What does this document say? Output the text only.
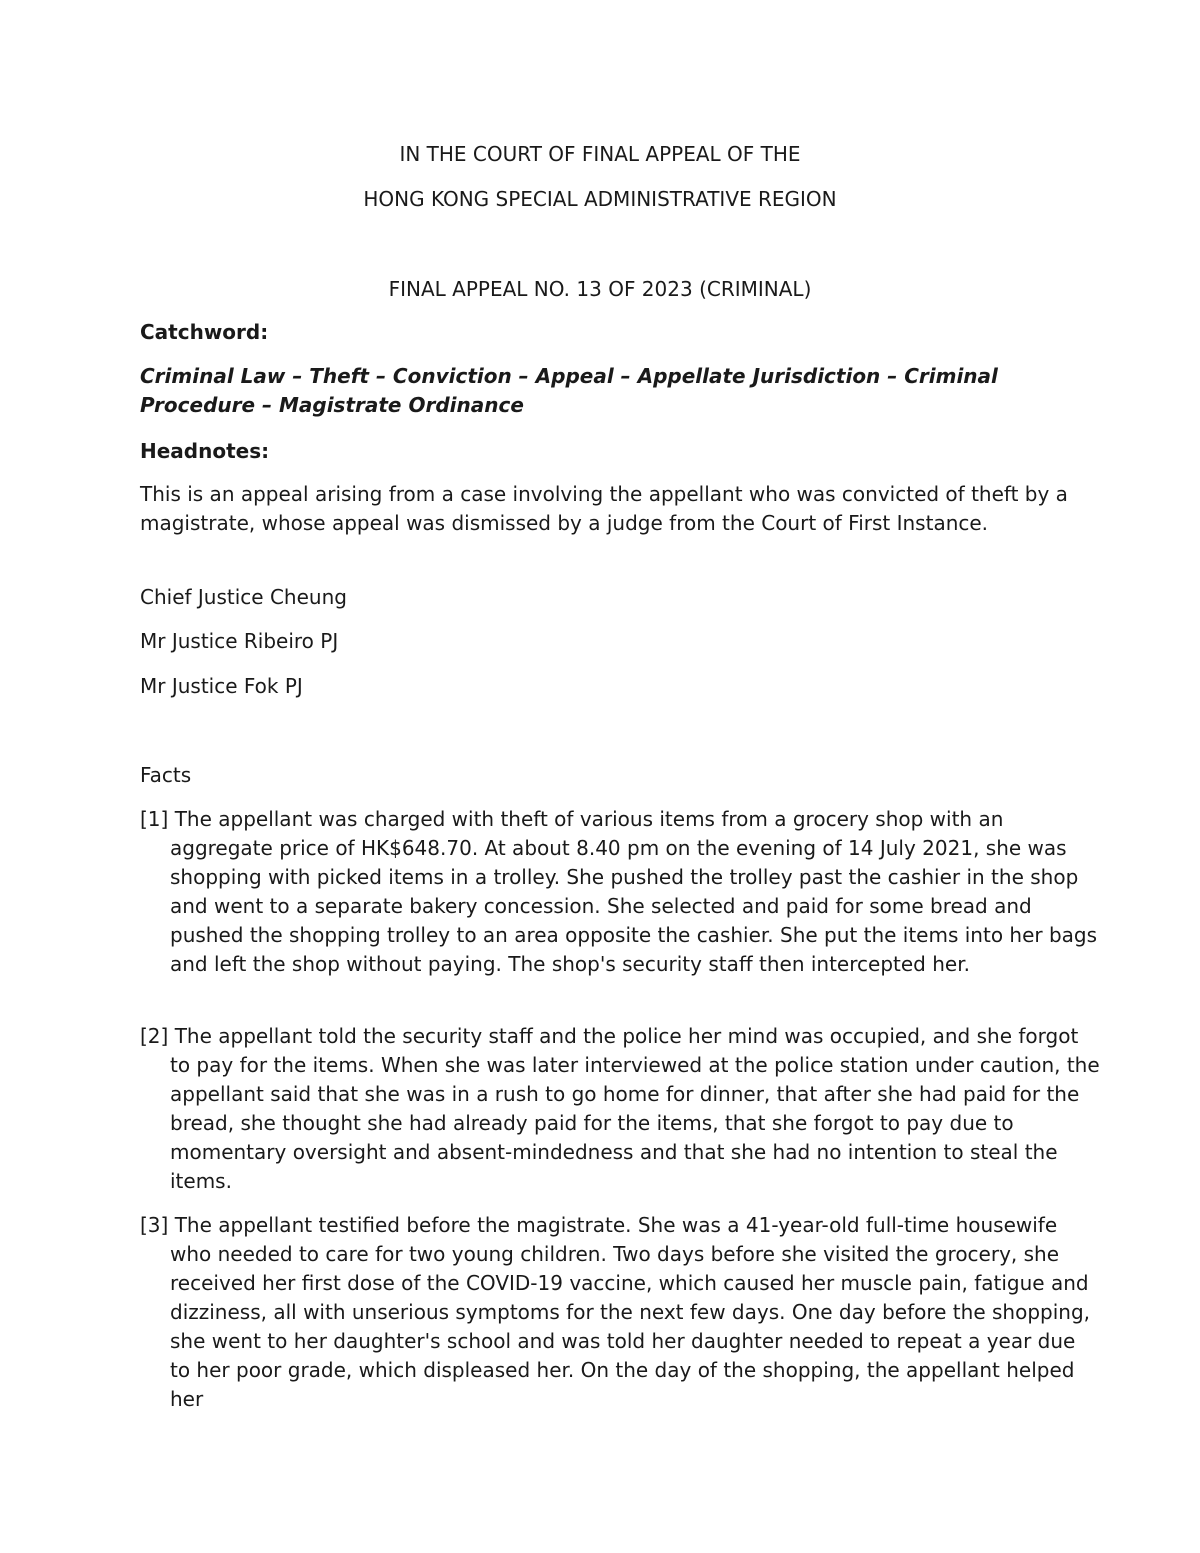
IN THE COURT OF FINAL APPEAL OF THE
HONG KONG SPECIAL ADMINISTRATIVE REGION
FINAL APPEAL NO. 13 OF 2023 (CRIMINAL)
Catchword:
Criminal Law – Theft – Conviction – Appeal – Appellate Jurisdiction – Criminal Procedure – Magistrate Ordinance
Headnotes:
This is an appeal arising from a case involving the appellant who was convicted of theft by a magistrate, whose appeal was dismissed by a judge from the Court of First Instance.
Chief Justice Cheung
Mr Justice Ribeiro PJ
Mr Justice Fok PJ
Facts
[1] The appellant was charged with theft of various items from a grocery shop with an aggregate price of HK$648.70. At about 8.40 pm on the evening of 14 July 2021, she was shopping with picked items in a trolley. She pushed the trolley past the cashier in the shop and went to a separate bakery concession. She selected and paid for some bread and pushed the shopping trolley to an area opposite the cashier. She put the items into her bags and left the shop without paying. The shop's security staff then intercepted her.
[2] The appellant told the security staff and the police her mind was occupied, and she forgot to pay for the items. When she was later interviewed at the police station under caution, the appellant said that she was in a rush to go home for dinner, that after she had paid for the bread, she thought she had already paid for the items, that she forgot to pay due to momentary oversight and absent-mindedness and that she had no intention to steal the items.
[3] The appellant testified before the magistrate. She was a 41-year-old full-time housewife who needed to care for two young children. Two days before she visited the grocery, she received her first dose of the COVID-19 vaccine, which caused her muscle pain, fatigue and dizziness, all with unserious symptoms for the next few days. One day before the shopping, she went to her daughter's school and was told her daughter needed to repeat a year due to her poor grade, which displeased her. On the day of the shopping, the appellant helped her
